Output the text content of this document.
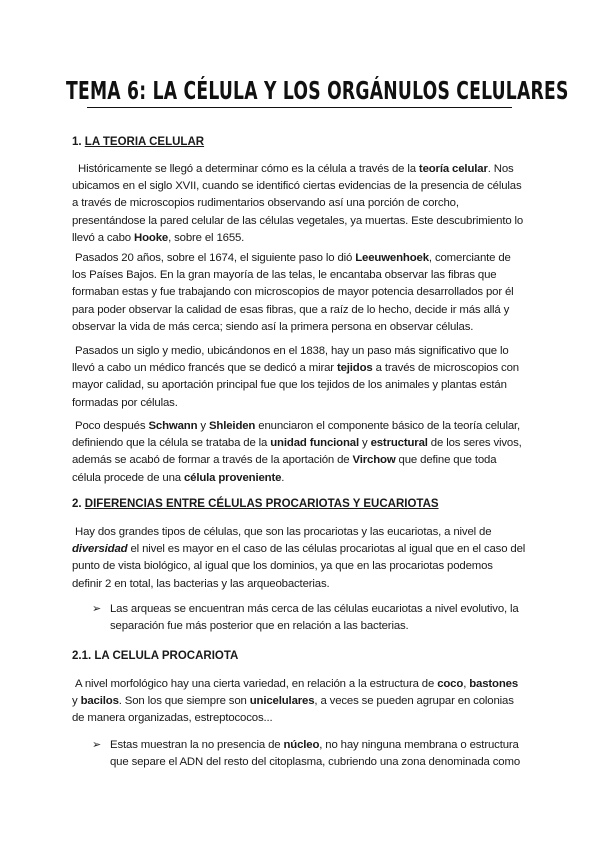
TEMA 6: LA CÉLULA Y LOS ORGÁNULOS CELULARES

1. LA TEORIA CELULAR

Históricamente se llegó a determinar cómo es la célula a través de la teoría celular. Nos
ubicamos en el siglo XVII, cuando se identificó ciertas evidencias de la presencia de células
a través de microscopios rudimentarios observando así una porción de corcho,
presentándose la pared celular de las células vegetales, ya muertas. Este descubrimiento lo
llevó a cabo Hooke, sobre el 1655.
Pasados 20 años, sobre el 1674, el siguiente paso lo dió Leeuwenhoek, comerciante de
los Países Bajos. En la gran mayoría de las telas, le encantaba observar las fibras que
formaban estas y fue trabajando con microscopios de mayor potencia desarrollados por él
para poder observar la calidad de esas fibras, que a raíz de lo hecho, decide ir más allá y
observar la vida de más cerca; siendo así la primera persona en observar células.
Pasados un siglo y medio, ubicándonos en el 1838, hay un paso más significativo que lo
llevó a cabo un médico francés que se dedicó a mirar tejidos a través de microscopios con
mayor calidad, su aportación principal fue que los tejidos de los animales y plantas están
formadas por células.
Poco después Schwann y Shleiden enunciaron el componente básico de la teoría celular,
definiendo que la célula se trataba de la unidad funcional y estructural de los seres vivos,
además se acabó de formar a través de la aportación de Virchow que define que toda
célula procede de una célula proveniente.

2. DIFERENCIAS ENTRE CÉLULAS PROCARIOTAS Y EUCARIOTAS

Hay dos grandes tipos de células, que son las procariotas y las eucariotas, a nivel de
diversidad el nivel es mayor en el caso de las células procariotas al igual que en el caso del
punto de vista biológico, al igual que los dominios, ya que en las procariotas podemos
definir 2 en total, las bacterias y las arqueobacterias.
➢ Las arqueas se encuentran más cerca de las células eucariotas a nivel evolutivo, la
separación fue más posterior que en relación a las bacterias.

2.1. LA CELULA PROCARIOTA

A nivel morfológico hay una cierta variedad, en relación a la estructura de coco, bastones
y bacilos. Son los que siempre son unicelulares, a veces se pueden agrupar en colonias
de manera organizadas, estreptococos...
➢ Estas muestran la no presencia de núcleo, no hay ninguna membrana o estructura
que separe el ADN del resto del citoplasma, cubriendo una zona denominada como
